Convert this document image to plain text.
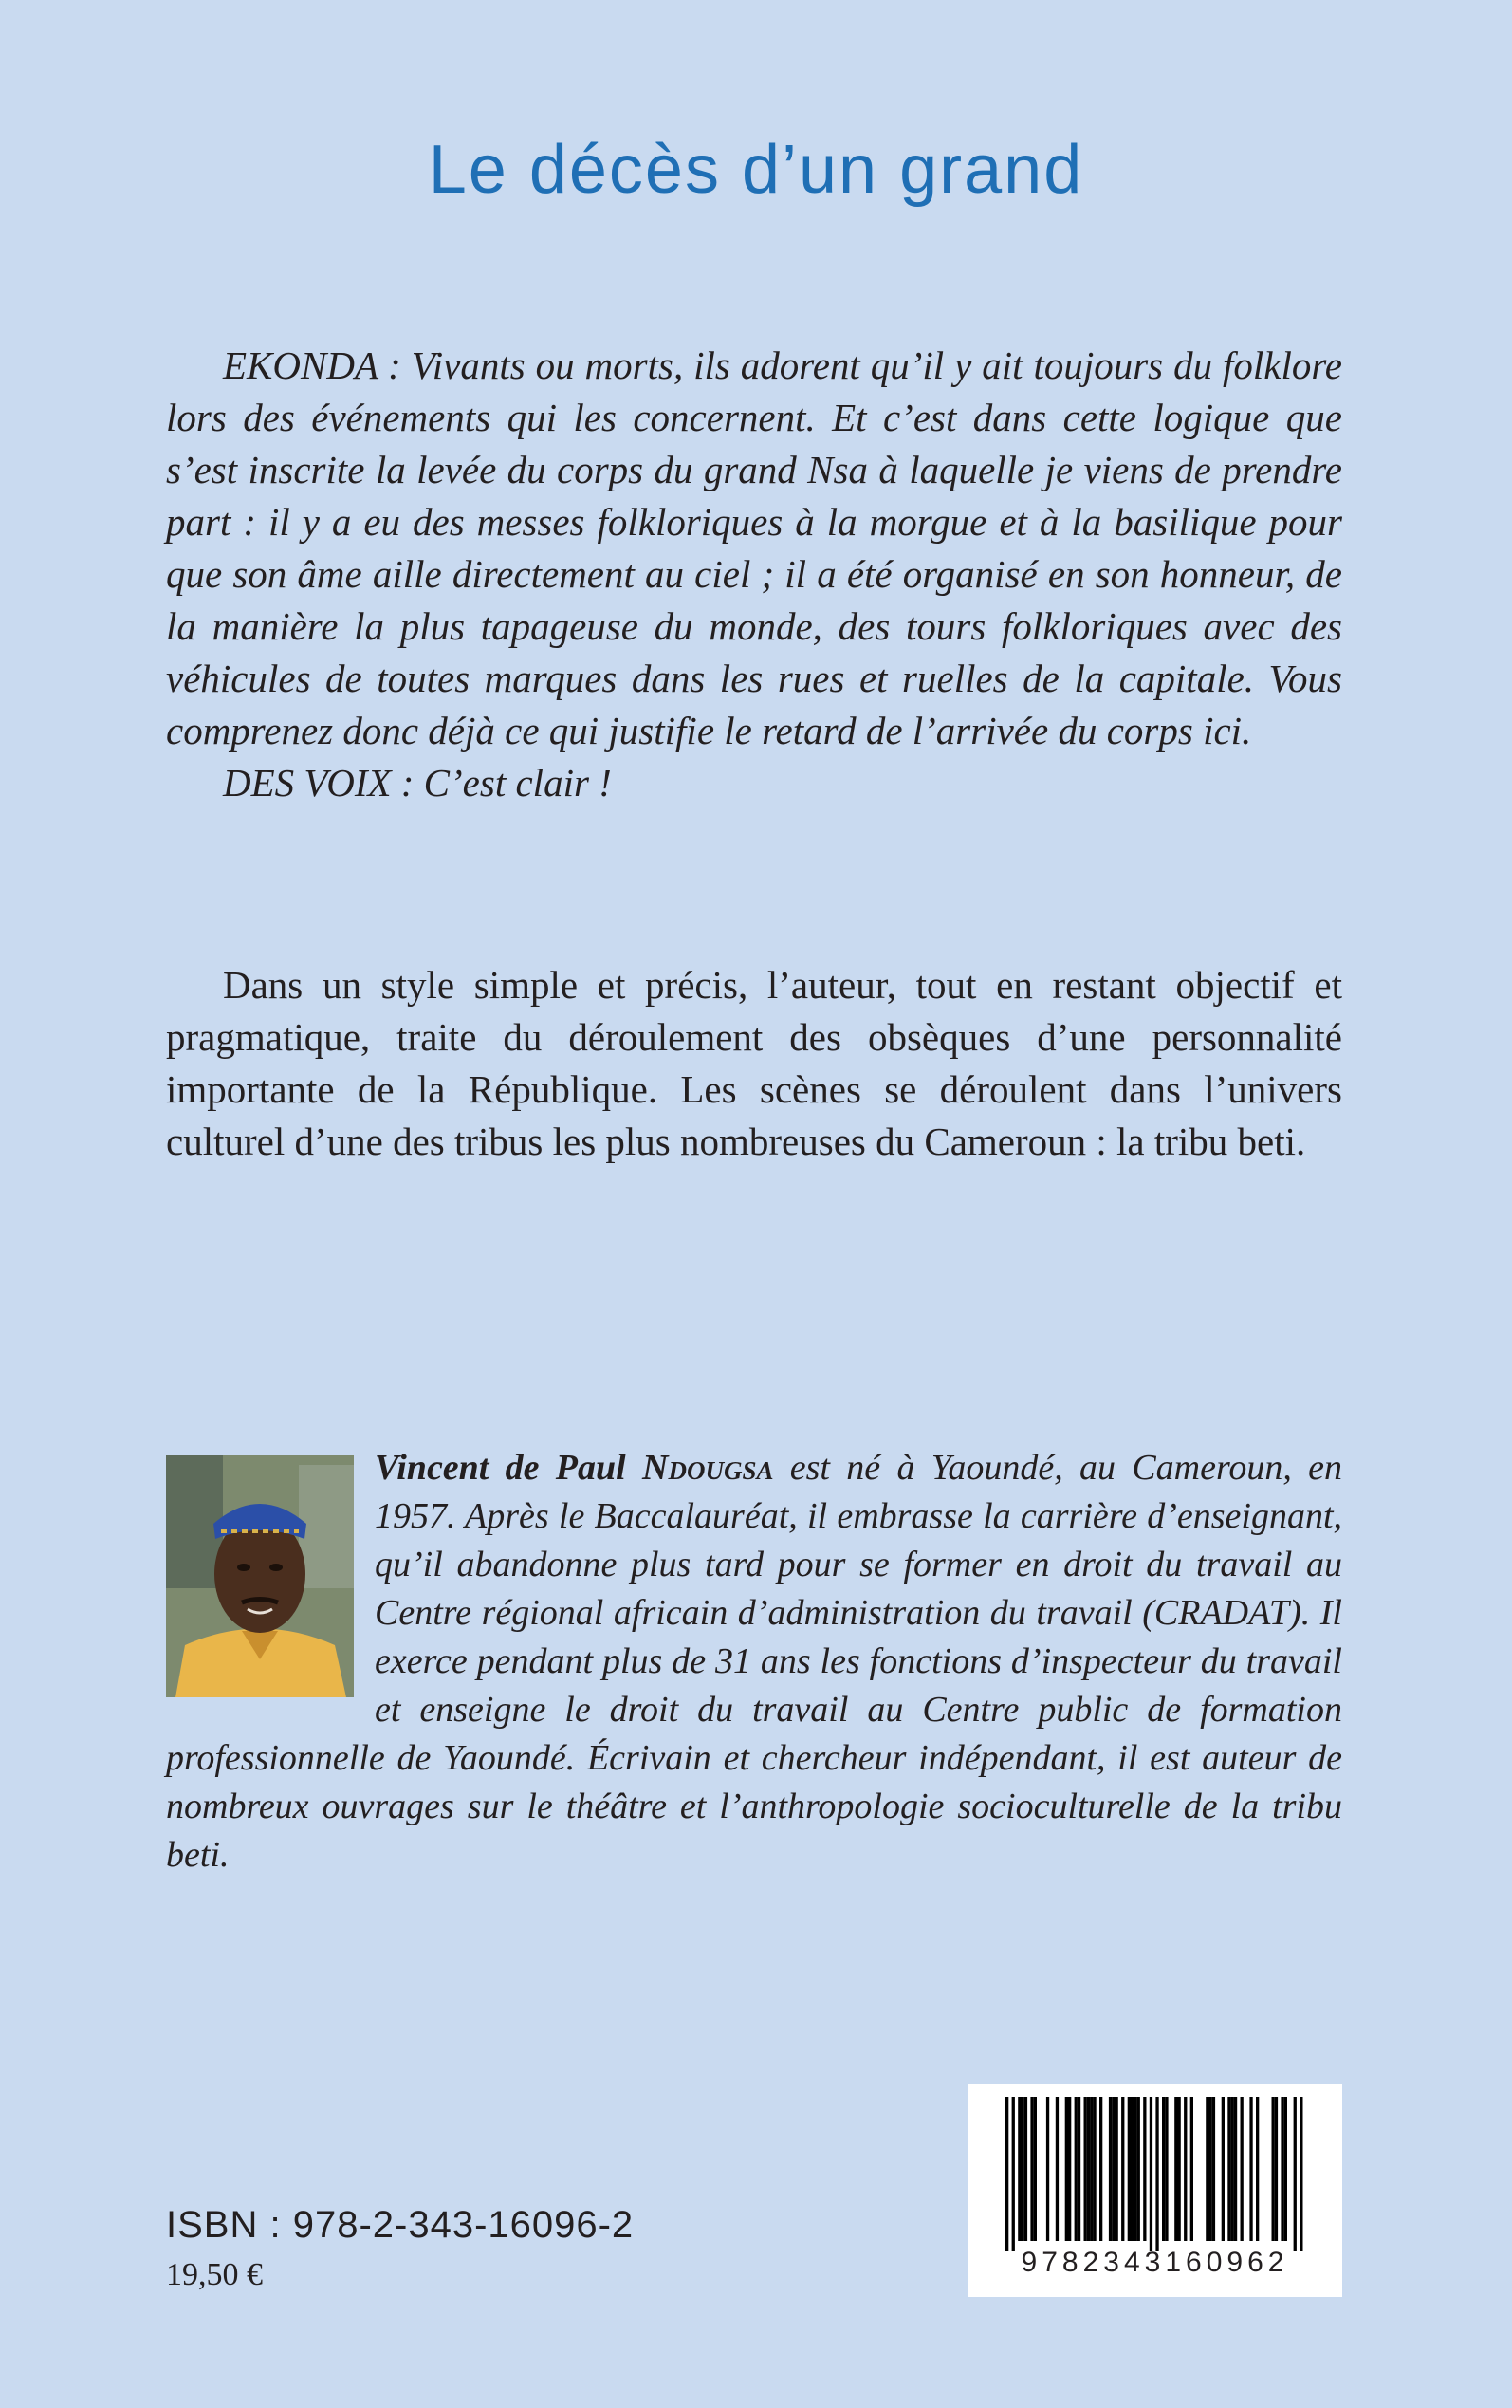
Le décès d’un grand

EKONDA : Vivants ou morts, ils adorent qu’il y ait toujours du folklore lors des événements qui les concernent. Et c’est dans cette logique que s’est inscrite la levée du corps du grand Nsa à laquelle je viens de prendre part : il y a eu des messes folkloriques à la morgue et à la basilique pour que son âme aille directement au ciel ; il a été organisé en son honneur, de la manière la plus tapageuse du monde, des tours folkloriques avec des véhicules de toutes marques dans les rues et ruelles de la capitale. Vous comprenez donc déjà ce qui justifie le retard de l’arrivée du corps ici.

DES VOIX : C’est clair !

Dans un style simple et précis, l’auteur, tout en restant objectif et pragmatique, traite du déroulement des obsèques d’une personnalité importante de la République. Les scènes se déroulent dans l’univers culturel d’une des tribus les plus nombreuses du Cameroun : la tribu beti.

Vincent de Paul Ndougsa est né à Yaoundé, au Cameroun, en 1957. Après le Baccalauréat, il embrasse la carrière d’enseignant, qu’il abandonne plus tard pour se former en droit du travail au Centre régional africain d’administration du travail (CRADAT). Il exerce pendant plus de 31 ans les fonctions d’inspecteur du travail et enseigne le droit du travail au Centre public de formation professionnelle de Yaoundé. Écrivain et chercheur indépendant, il est auteur de nombreux ouvrages sur le théâtre et l’anthropologie socioculturelle de la tribu beti.

ISBN : 978-2-343-16096-2
19,50 €	9782343160962
